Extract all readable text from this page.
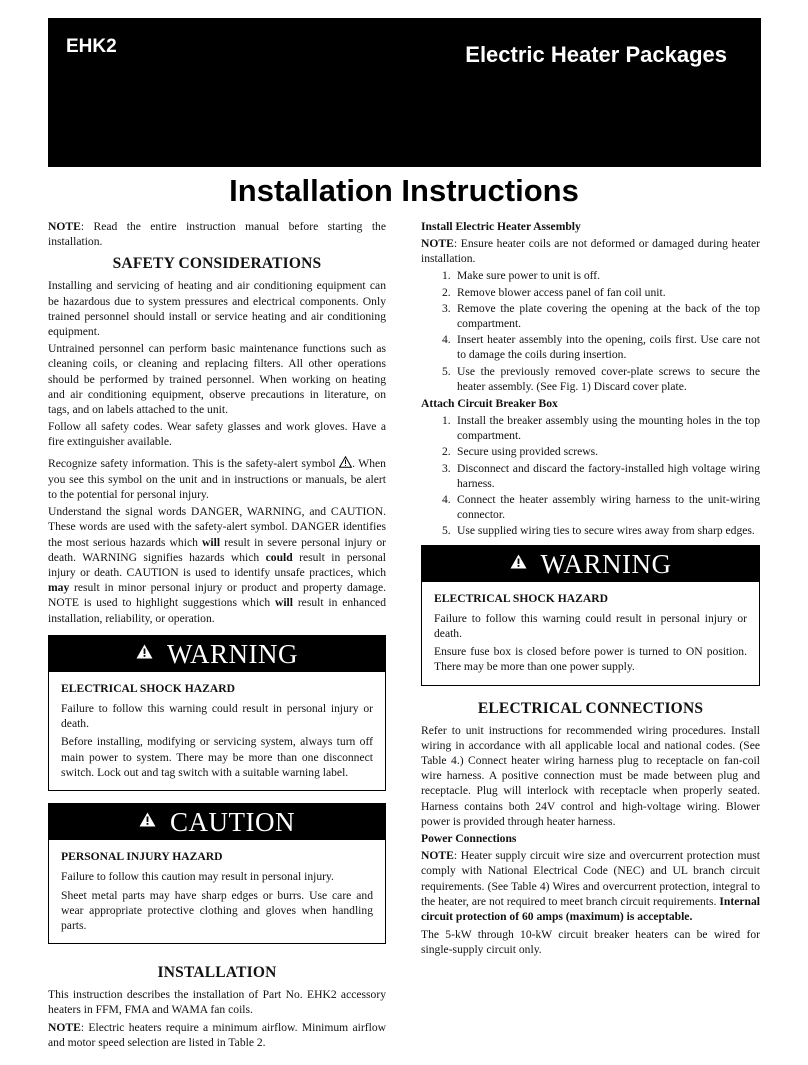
EHK2	Electric Heater Packages
Installation Instructions

NOTE: Read the entire instruction manual before starting the installation.

SAFETY CONSIDERATIONS

Installing and servicing of heating and air conditioning equipment can be hazardous due to system pressures and electrical components. Only trained personnel should install or service heating and air conditioning equipment.

Untrained personnel can perform basic maintenance functions such as cleaning coils, or cleaning and replacing filters. All other operations should be performed by trained personnel. When working on heating and air conditioning equipment, observe precautions in literature, on tags, and on labels attached to the unit.

Follow all safety codes. Wear safety glasses and work gloves. Have a fire extinguisher available.

Recognize safety information. This is the safety-alert symbol . When you see this symbol on the unit and in instructions or manuals, be alert to the potential for personal injury.

Understand the signal words DANGER, WARNING, and CAUTION. These words are used with the safety-alert symbol. DANGER identifies the most serious hazards which will result in severe personal injury or death. WARNING signifies hazards which could result in personal injury or death. CAUTION is used to identify unsafe practices, which may result in minor personal injury or product and property damage. NOTE is used to highlight suggestions which will result in enhanced installation, reliability, or operation.

WARNING
ELECTRICAL SHOCK HAZARD

Failure to follow this warning could result in personal injury or death.

Before installing, modifying or servicing system, always turn off main power to system. There may be more than one disconnect switch. Lock out and tag switch with a suitable warning label.

CAUTION
PERSONAL INJURY HAZARD

Failure to follow this caution may result in personal injury.

Sheet metal parts may have sharp edges or burrs. Use care and wear appropriate protective clothing and gloves when handling parts.

INSTALLATION

This instruction describes the installation of Part No. EHK2 accessory heaters in FFM, FMA and WAMA fan coils.

NOTE: Electric heaters require a minimum airflow. Minimum airflow and motor speed selection are listed in Table 2.

Install Electric Heater Assembly

NOTE: Ensure heater coils are not deformed or damaged during heater installation.

1. Make sure power to unit is off.
2. Remove blower access panel of fan coil unit.
3. Remove the plate covering the opening at the back of the top compartment.
4. Insert heater assembly into the opening, coils first. Use care not to damage the coils during insertion.
5. Use the previously removed cover-plate screws to secure the heater assembly. (See Fig. 1) Discard cover plate.
Attach Circuit Breaker Box
1. Install the breaker assembly using the mounting holes in the top compartment.
2. Secure using provided screws.
3. Disconnect and discard the factory-installed high voltage wiring harness.
4. Connect the heater assembly wiring harness to the unit-wiring connector.
5. Use supplied wiring ties to secure wires away from sharp edges.
WARNING
ELECTRICAL SHOCK HAZARD

Failure to follow this warning could result in personal injury or death.

Ensure fuse box is closed before power is turned to ON position. There may be more than one power supply.

ELECTRICAL CONNECTIONS

Refer to unit instructions for recommended wiring procedures. Install wiring in accordance with all applicable local and national codes. (See Table 4.) Connect heater wiring harness plug to receptacle on fan-coil wire harness. A positive connection must be made between plug and receptacle. Plug will interlock with receptacle when properly seated. Harness contains both 24V control and high-voltage wiring. Blower power is provided through heater harness.

Power Connections

NOTE: Heater supply circuit wire size and overcurrent protection must comply with National Electrical Code (NEC) and UL branch circuit requirements. (See Table 4) Wires and overcurrent protection, integral to the heater, are not required to meet branch circuit requirements. Internal circuit protection of 60 amps (maximum) is acceptable.

The 5-kW through 10-kW circuit breaker heaters can be wired for single-supply circuit only.
